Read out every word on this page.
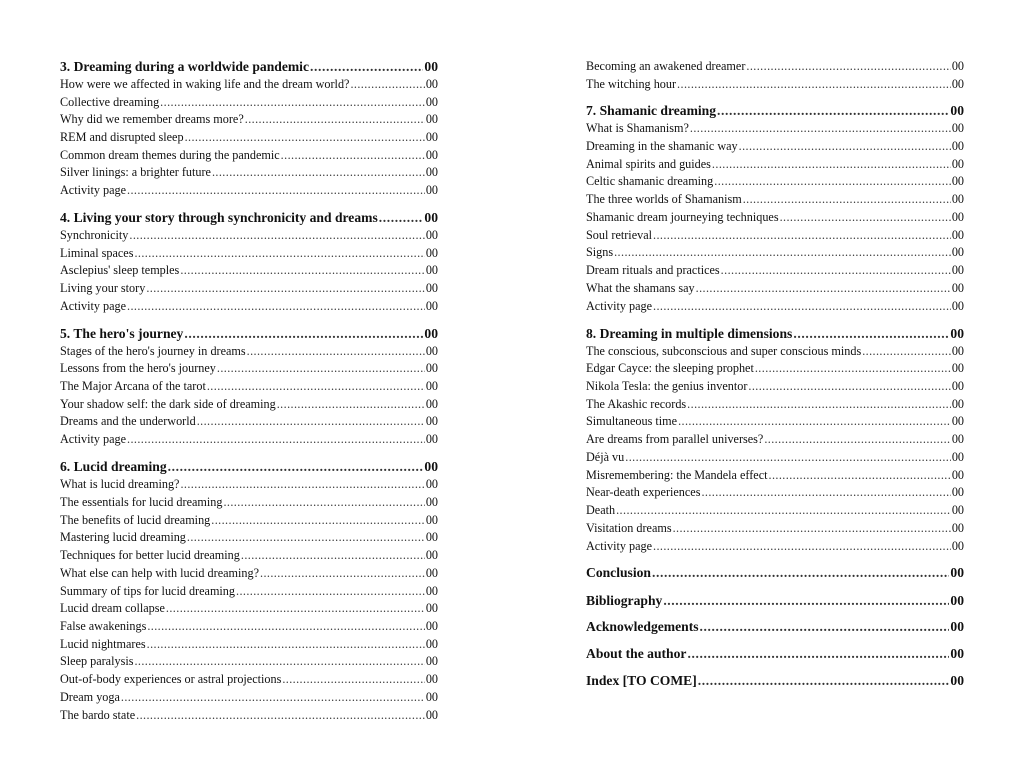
3. Dreaming during a worldwide pandemic .....	00
How were we affected in waking life and the dream world? .....	00
Collective dreaming .....	00
Why did we remember dreams more? .....	00
REM and disrupted sleep .....	00
Common dream themes during the pandemic .....	00
Silver linings: a brighter future .....	00
Activity page .....	00
4. Living your story through synchronicity and dreams .....	00
Synchronicity .....	00
Liminal spaces .....	00
Asclepius' sleep temples .....	00
Living your story .....	00
Activity page .....	00
5. The hero's journey .....	00
Stages of the hero's journey in dreams .....	00
Lessons from the hero's journey .....	00
The Major Arcana of the tarot .....	00
Your shadow self: the dark side of dreaming .....	00
Dreams and the underworld .....	00
Activity page .....	00
6. Lucid dreaming .....	00
What is lucid dreaming? .....	00
The essentials for lucid dreaming .....	00
The benefits of lucid dreaming .....	00
Mastering lucid dreaming .....	00
Techniques for better lucid dreaming .....	00
What else can help with lucid dreaming? .....	00
Summary of tips for lucid dreaming .....	00
Lucid dream collapse .....	00
False awakenings .....	00
Lucid nightmares .....	00
Sleep paralysis .....	00
Out-of-body experiences or astral projections .....	00
Dream yoga .....	00
The bardo state .....	00
Becoming an awakened dreamer .....	00
The witching hour .....	00
7. Shamanic dreaming .....	00
What is Shamanism? .....	00
Dreaming in the shamanic way .....	00
Animal spirits and guides .....	00
Celtic shamanic dreaming .....	00
The three worlds of Shamanism .....	00
Shamanic dream journeying techniques .....	00
Soul retrieval .....	00
Signs .....	00
Dream rituals and practices .....	00
What the shamans say .....	00
Activity page .....	00
8. Dreaming in multiple dimensions .....	00
The conscious, subconscious and super conscious minds .....	00
Edgar Cayce: the sleeping prophet .....	00
Nikola Tesla: the genius inventor .....	00
The Akashic records .....	00
Simultaneous time .....	00
Are dreams from parallel universes? .....	00
Déjà vu .....	00
Misremembering: the Mandela effect .....	00
Near-death experiences .....	00
Death .....	00
Visitation dreams .....	00
Activity page .....	00
Conclusion .....	00
Bibliography .....	00
Acknowledgements .....	00
About the author .....	00
Index [TO COME] .....	00
